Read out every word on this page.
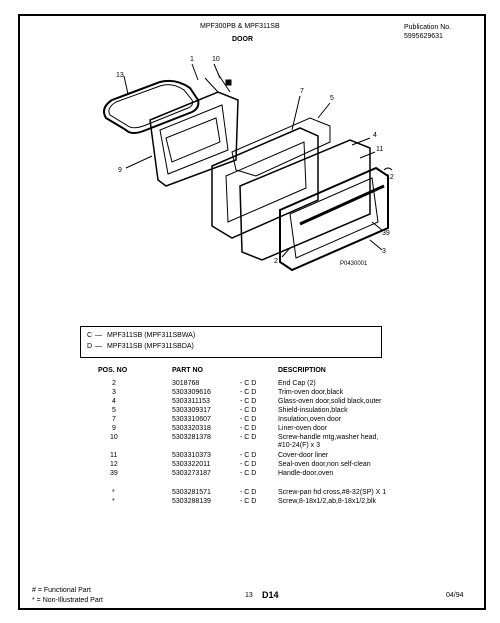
MPF300PB & MPF311SB
DOOR
Publication No.
5995629631
13
1	10
7
5
4
9
11
12
39
3
2	P0430001
C — MPF311SB (MPF311SBWA)
D — MPF311SB (MPF311SBDA)
POS. NO	PART NO	DESCRIPTION
2	3018768	- C D	End Cap (2)
3	5303309616	- C D	Trim-oven door,black
4	5303311153	- C D	Glass-oven door,solid black,outer
5	5303309317	- C D	Shield-insulation,black
7	5303310607	- C D	Insulation,oven door
9	5303320318	- C D	Liner-oven door
10	5303281378	- C D	Screw-handle mtg,washer head,
#10-24(F) x 3
11	5303310373	- C D	Cover-door liner
12	5303322011	- C D	Seal-oven door,non self-clean
39	5303273187	- C D	Handle-door,oven
*	5303281571	- C D	Screw-pan hd cross,#8-32(SP) X 1
*	5303288139	- C D	Screw,8-18x1/2,ab,8-18x1/2,blk
# = Functional Part
* = Non-Illustrated Part
13 D14	04/94
